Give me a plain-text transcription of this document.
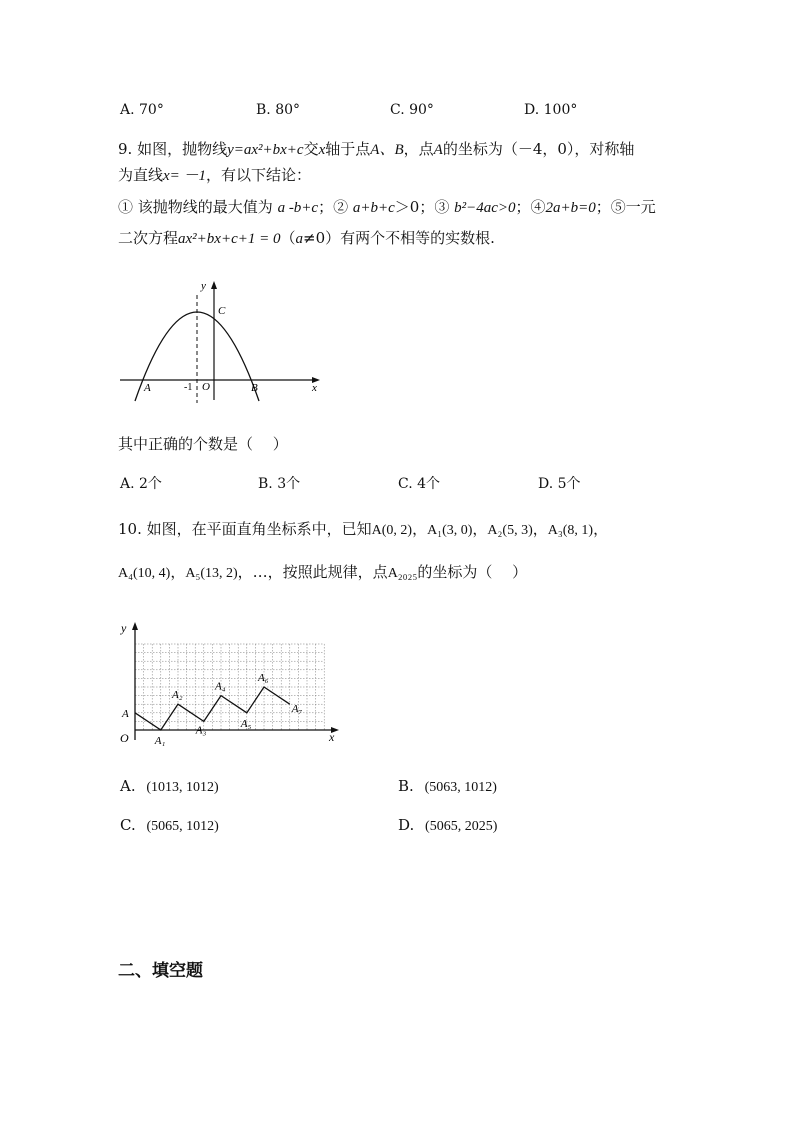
A. 70°	B. 80°	C. 90°	D. 100°
9. 如图，抛物线y=ax²+bx+c交x轴于点A、B，点A的坐标为（－4，0），对称轴
为直线x= －1，有以下结论：
① 该抛物线的最大值为 a -b+c；② a+b+c＞0；③ b²−4ac>0；④2a+b=0；⑤一元
二次方程ax²+bx+c+1 = 0（a≠0）有两个不相等的实数根.
y
x
C
A	O	B
-1
其中正确的个数是（　 ）
A. 2个	B. 3个	C. 4个	D. 5个
10. 如图，在平面直角坐标系中，已知A(0, 2)，A₁(3, 0)，A₂(5, 3)，A₃(8, 1)，
A₄(10, 4)，A₅(13, 2)，…，按照此规律，点A₂₀₂₅的坐标为（　 ）
y
x
O
A
A₁
A₂
A₃
A₄
A₅
A₆
A₇
A. (1013, 1012)	B. (5063, 1012)
C. (5065, 1012)	D. (5065, 2025)
二、填空题
